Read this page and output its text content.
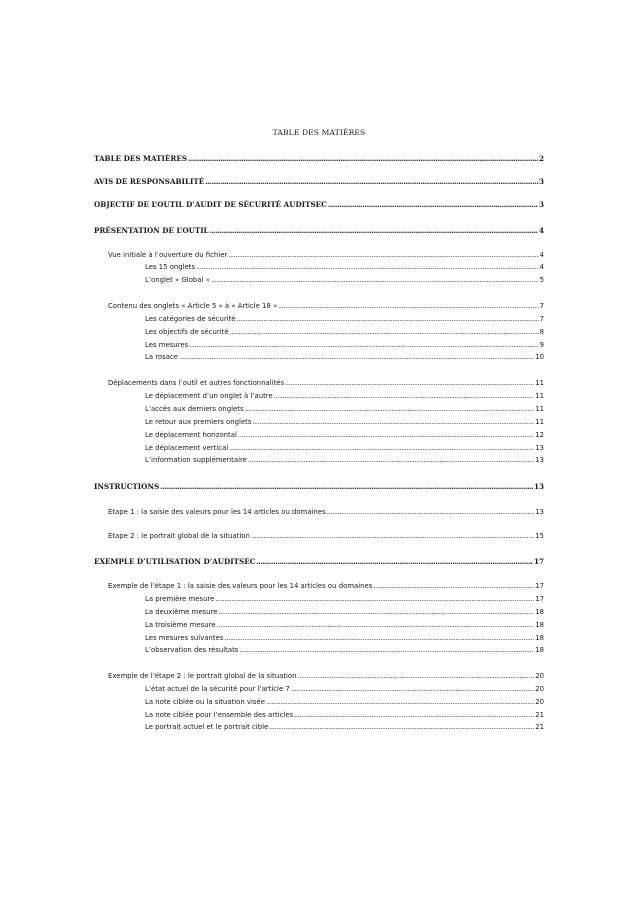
TABLE DES MATIÈRES
TABLE DES MATIÈRES .....	2
AVIS DE RESPONSABILITÉ .....	3
OBJECTIF DE L’OUTIL D’AUDIT DE SÉCURITÉ AUDITSEC .....	3
PRÉSENTATION DE L’OUTIL .....	4
Vue initiale à l’ouverture du fichier .....	4
Les 15 onglets .....	4
L’onglet « Global » .....	5
Contenu des onglets « Article 5 » à « Article 18 » .....	7
Les catégories de sécurité .....	7
Les objectifs de sécurité .....	8
Les mesures .....	9
La rosace .....	10
Déplacements dans l’outil et autres fonctionnalités .....	11
Le déplacement d’un onglet à l’autre .....	11
L’accès aux derniers onglets .....	11
Le retour aux premiers onglets .....	11
Le déplacement horizontal .....	12
Le déplacement vertical .....	13
L’information supplémentaire .....	13
INSTRUCTIONS .....	13
Étape 1 : la saisie des valeurs pour les 14 articles ou domaines .....	13
Étape 2 : le portrait global de la situation .....	15
EXEMPLE D’UTILISATION D’AUDITSEC .....	17
Exemple de l’étape 1 : la saisie des valeurs pour les 14 articles ou domaines .....	17
La première mesure .....	17
La deuxième mesure .....	18
La troisième mesure .....	18
Les mesures suivantes .....	18
L’observation des résultats .....	18
Exemple de l’étape 2 : le portrait global de la situation .....	20
L’état actuel de la sécurité pour l’article 7 .....	20
La note ciblée ou la situation visée .....	20
La note ciblée pour l’ensemble des articles .....	21
Le portrait actuel et le portrait cible .....	21
